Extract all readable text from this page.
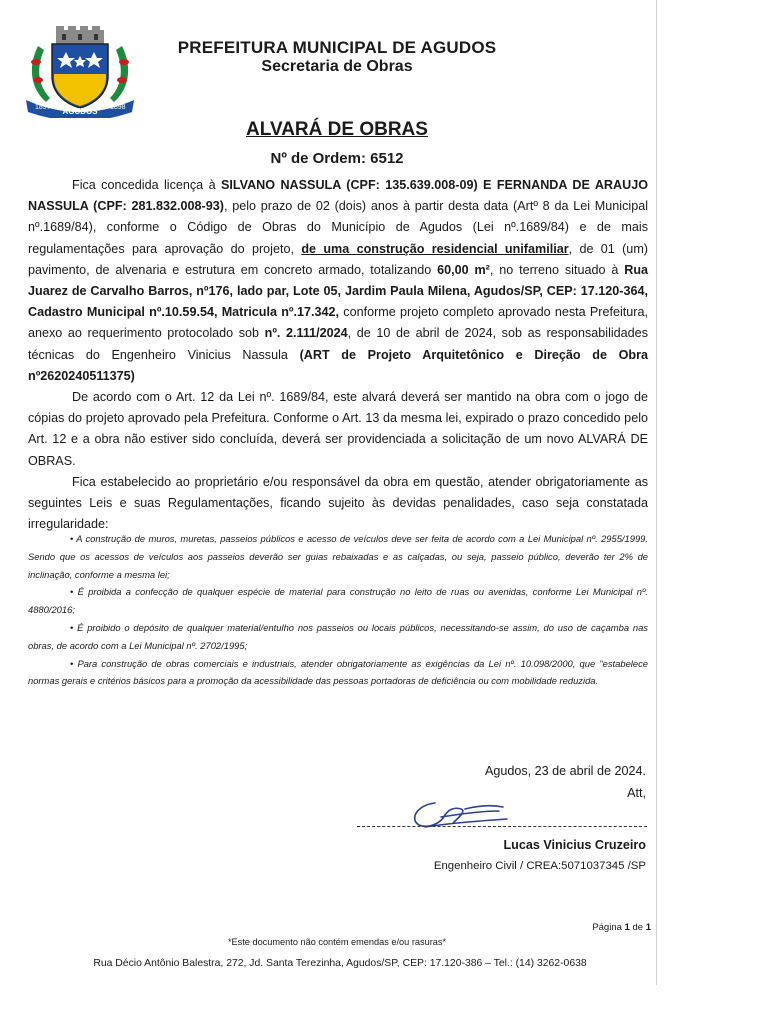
1897 AGUDOS 1898
PREFEITURA MUNICIPAL DE AGUDOS
Secretaria de Obras
ALVARÁ DE OBRAS
Nº de Ordem: 6512

Fica concedida licença à SILVANO NASSULA (CPF: 135.639.008-09) E FERNANDA DE ARAUJO NASSULA (CPF: 281.832.008-93), pelo prazo de 02 (dois) anos à partir desta data (Artº 8 da Lei Municipal nº.1689/84), conforme o Código de Obras do Município de Agudos (Lei nº.1689/84) e de mais regulamentações para aprovação do projeto, de uma construção residencial unifamiliar, de 01 (um) pavimento, de alvenaria e estrutura em concreto armado, totalizando 60,00 m², no terreno situado à Rua Juarez de Carvalho Barros, nº176, lado par, Lote 05, Jardim Paula Milena, Agudos/SP, CEP: 17.120-364, Cadastro Municipal nº.10.59.54, Matricula nº.17.342, conforme projeto completo aprovado nesta Prefeitura, anexo ao requerimento protocolado sob nº. 2.111/2024, de 10 de abril de 2024, sob as responsabilidades técnicas do Engenheiro Vinicius Nassula (ART de Projeto Arquitetônico e Direção de Obra nº2620240511375)

De acordo com o Art. 12 da Lei nº. 1689/84, este alvará deverá ser mantido na obra com o jogo de cópias do projeto aprovado pela Prefeitura. Conforme o Art. 13 da mesma lei, expirado o prazo concedido pelo Art. 12 e a obra não estiver sido concluída, deverá ser providenciada a solicitação de um novo ALVARÁ DE OBRAS.

Fica estabelecido ao proprietário e/ou responsável da obra em questão, atender obrigatoriamente as seguintes Leis e suas Regulamentações, ficando sujeito às devidas penalidades, caso seja constatada irregularidade:

• A construção de muros, muretas, passeios públicos e acesso de veículos deve ser feita de acordo com a Lei Municipal nº. 2955/1999. Sendo que os acessos de veículos aos passeios deverão ser guias rebaixadas e as calçadas, ou seja, passeio público, deverão ter 2% de inclinação, conforme a mesma lei;

• É proibida a confecção de qualquer espécie de material para construção no leito de ruas ou avenidas, conforme Lei Municipal nº. 4880/2016;

• É proibido o depósito de qualquer material/entulho nos passeios ou locais públicos, necessitando-se assim, do uso de caçamba nas obras, de acordo com a Lei Municipal nº. 2702/1995;

• Para construção de obras comerciais e industriais, atender obrigatoriamente as exigências da Lei nº. 10.098/2000, que "estabelece normas gerais e critérios básicos para a promoção da acessibilidade das pessoas portadoras de deficiência ou com mobilidade reduzida.

Agudos, 23 de abril de 2024.
Att,
Lucas Vinicius Cruzeiro
Engenheiro Civil / CREA:5071037345 /SP
Página 1 de 1
*Este documento não contém emendas e/ou rasuras*
Rua Décio Antônio Balestra, 272, Jd. Santa Terezinha, Agudos/SP, CEP: 17.120-386 – Tel.: (14) 3262-0638
